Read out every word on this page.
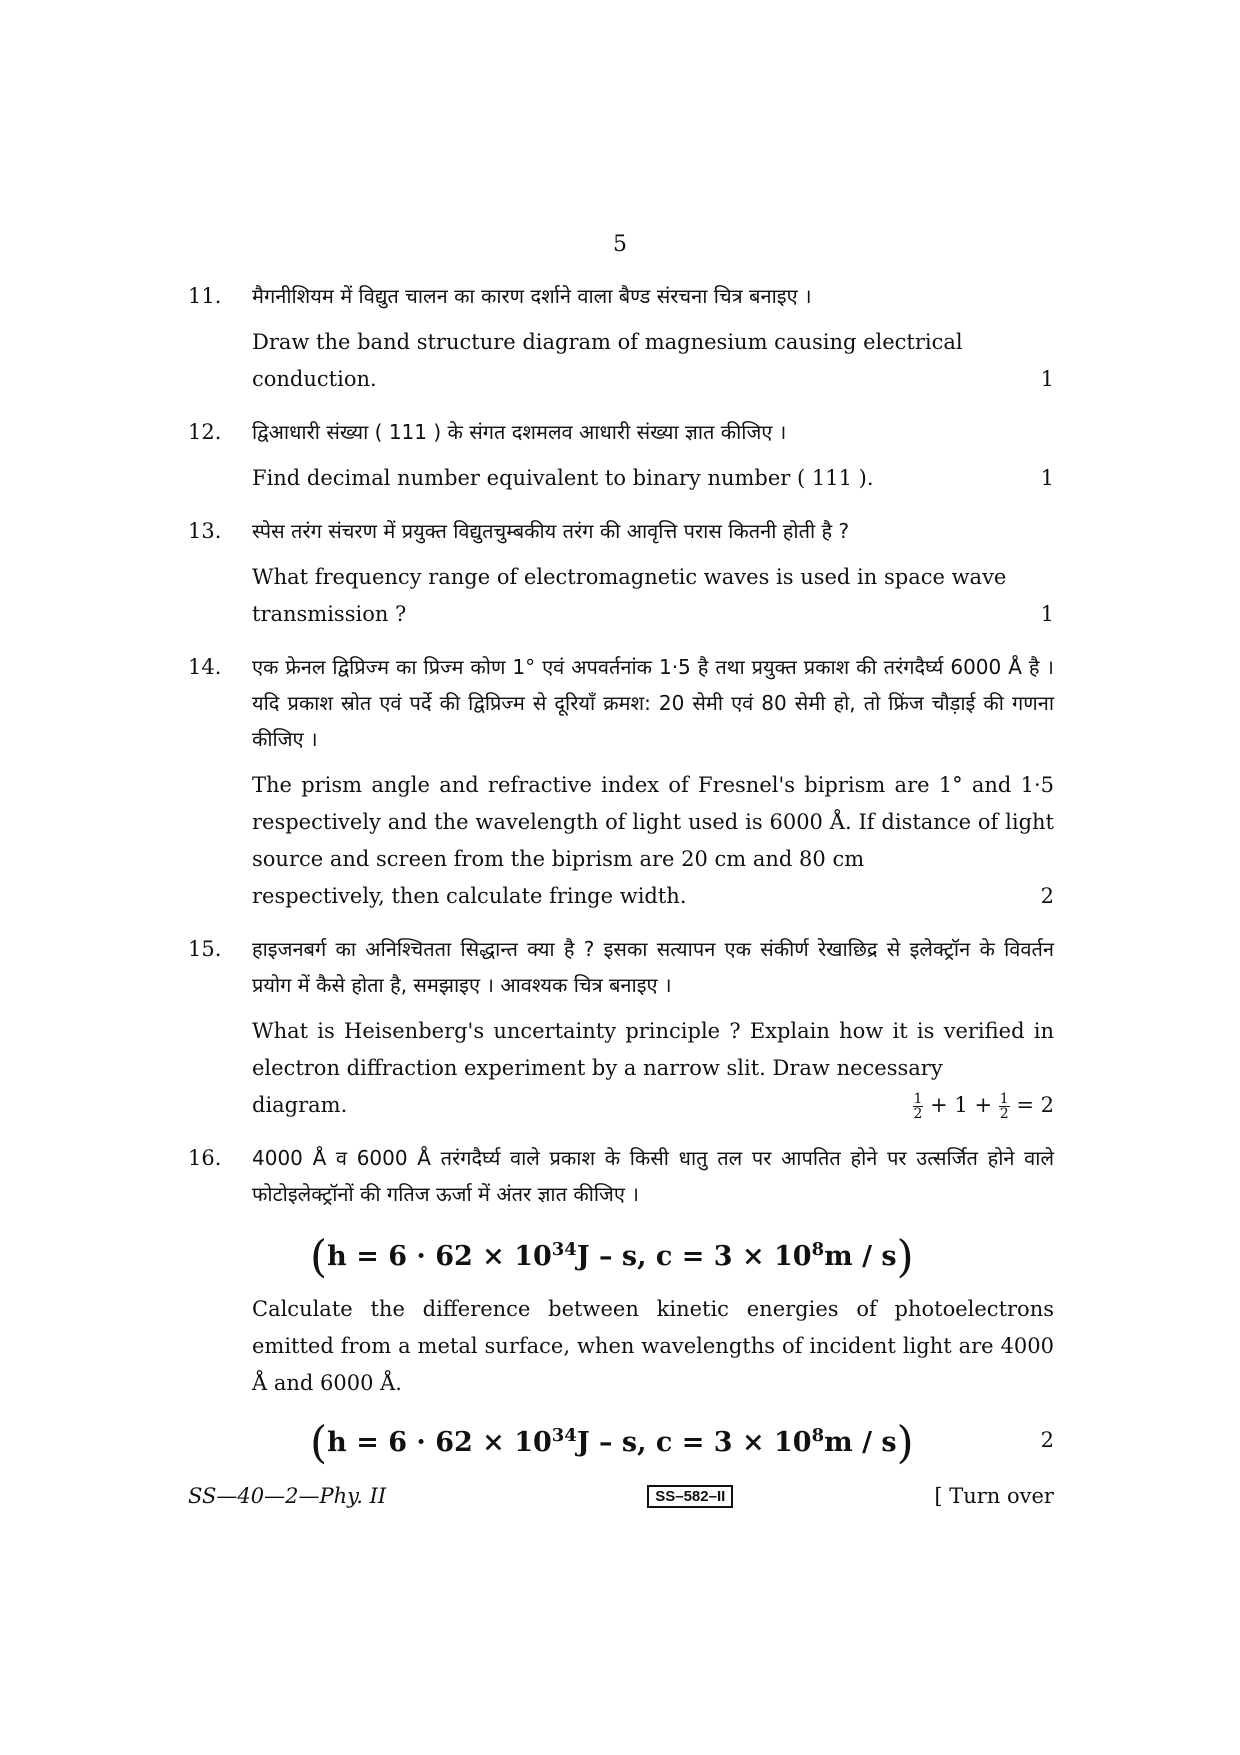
5
11.	मैगनीशियम में विद्युत चालन का कारण दर्शाने वाला बैण्ड संरचना चित्र बनाइए ।

Draw the band structure diagram of magnesium causing electrical

conduction.	1
12.	द्विआधारी संख्या ( 111 ) के संगत दशमलव आधारी संख्या ज्ञात कीजिए ।

Find decimal number equivalent to binary number ( 111 ).	1
13.	स्पेस तरंग संचरण में प्रयुक्त विद्युतचुम्बकीय तरंग की आवृत्ति परास कितनी होती है ?

What frequency range of electromagnetic waves is used in space wave

transmission ?	1
14.	एक फ्रेनल द्विप्रिज्म का प्रिज्म कोण 1° एवं अपवर्तनांक 1·5 है तथा प्रयुक्त प्रकाश की तरंगदैर्घ्य 6000 Å है । यदि प्रकाश स्रोत एवं पर्दे की द्विप्रिज्म से दूरियाँ क्रमश: 20 सेमी एवं 80 सेमी हो, तो फ्रिंज चौड़ाई की गणना कीजिए ।

The prism angle and refractive index of Fresnel's biprism are 1° and 1·5 respectively and the wavelength of light used is 6000 Å. If distance of light source and screen from the biprism are 20 cm and 80 cm

respectively, then calculate fringe width.	2
15.	हाइजनबर्ग का अनिश्चितता सिद्धान्त क्या है ? इसका सत्यापन एक संकीर्ण रेखाछिद्र से इलेक्ट्रॉन के विवर्तन प्रयोग में कैसे होता है, समझाइए । आवश्यक चित्र बनाइए ।

What is Heisenberg's uncertainty principle ? Explain how it is verified in electron diffraction experiment by a narrow slit. Draw necessary

diagram.	$\frac{1}{2} + 1 + \frac{1}{2} = 2$
16.	4000 Å व 6000 Å तरंगदैर्घ्य वाले प्रकाश के किसी धातु तल पर आपतित होने पर उत्सर्जित होने वाले फोटोइलेक्ट्रॉनों की गतिज ऊर्जा में अंतर ज्ञात कीजिए ।

($h = 6 \cdot 62 \times 10^{34}J - s$, $c = 3 \times 10^8m / s$)

Calculate the difference between kinetic energies of photoelectrons emitted from a metal surface, when wavelengths of incident light are 4000 Å and 6000 Å.

($h = 6 \cdot 62 \times 10^{34}J - s$, $c = 3 \times 10^8m / s$)	2
SS—40—2—Phy. II	SS–582–II	[ Turn over
